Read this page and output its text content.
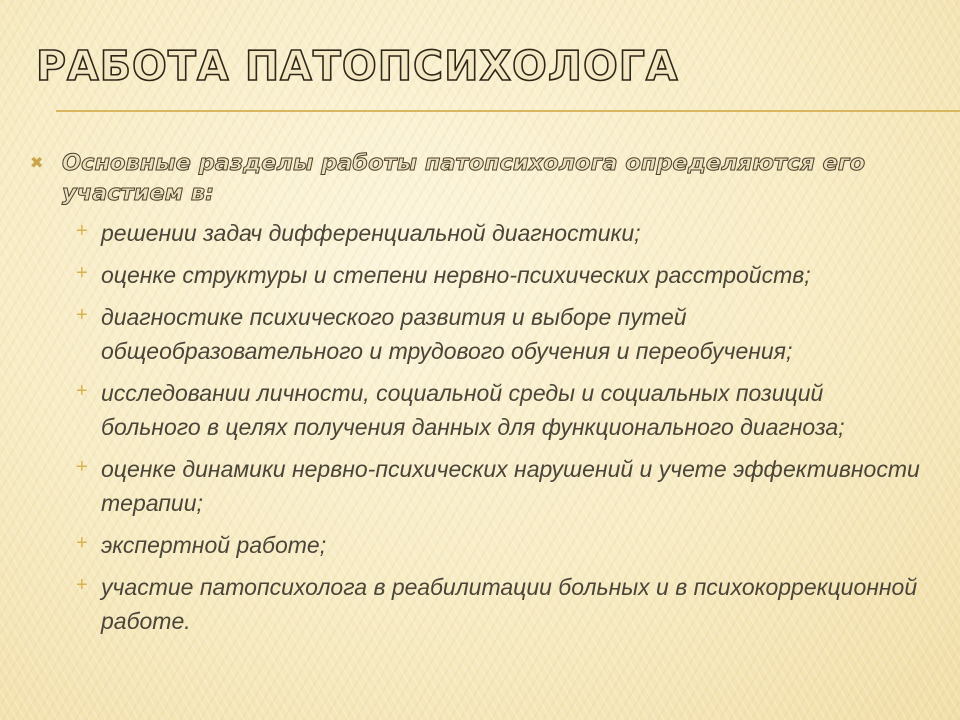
РАБОТА ПАТОПСИХОЛОГА
✖ Основные разделы работы патопсихолога определяются его участием в:
+ решении задач дифференциальной диагностики;
+ оценке структуры и степени нервно-психических расстройств;
+ диагностике психического развития и выборе путей общеобразовательного и трудового обучения и переобучения;
+ исследовании личности, социальной среды и социальных позиций больного в целях получения данных для функционального диагноза;
+ оценке динамики нервно-психических нарушений и учете эффективности терапии;
+ экспертной работе;
+ участие патопсихолога в реабилитации больных и в психокоррекционной работе.
